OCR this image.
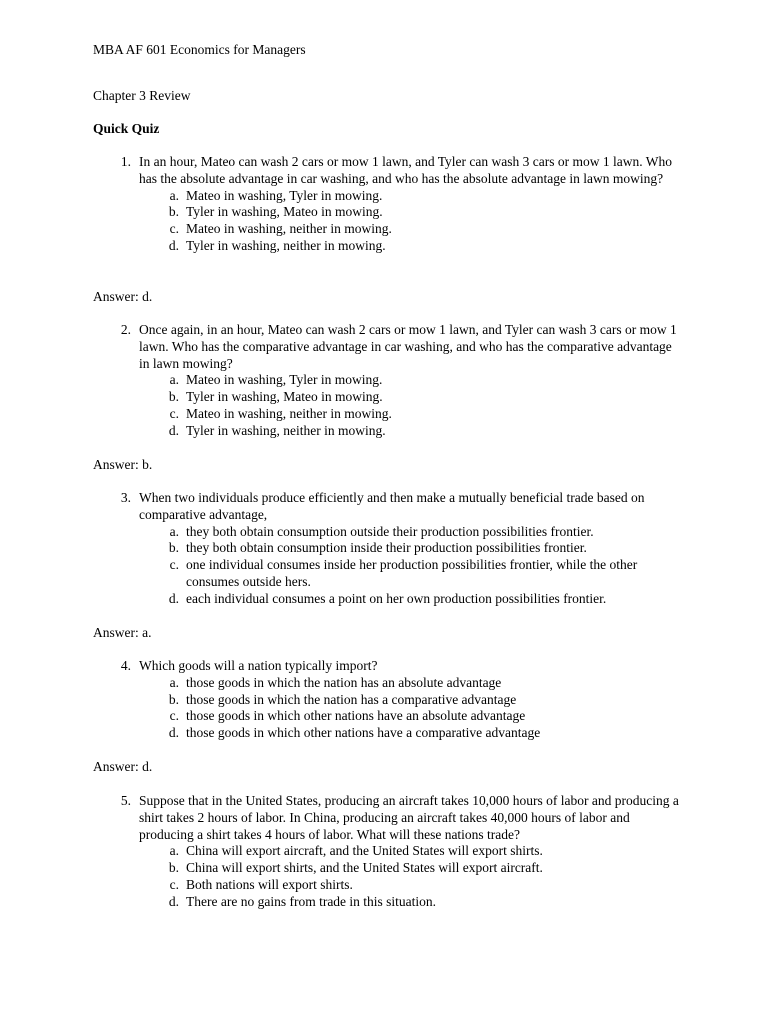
MBA AF 601 Economics for Managers
Chapter 3 Review
Quick Quiz
1. In an hour, Mateo can wash 2 cars or mow 1 lawn, and Tyler can wash 3 cars or mow 1 lawn. Who has the absolute advantage in car washing, and who has the absolute advantage in lawn mowing?
a. Mateo in washing, Tyler in mowing.
b. Tyler in washing, Mateo in mowing.
c. Mateo in washing, neither in mowing.
d. Tyler in washing, neither in mowing.
Answer: d.
2. Once again, in an hour, Mateo can wash 2 cars or mow 1 lawn, and Tyler can wash 3 cars or mow 1 lawn. Who has the comparative advantage in car washing, and who has the comparative advantage in lawn mowing?
a. Mateo in washing, Tyler in mowing.
b. Tyler in washing, Mateo in mowing.
c. Mateo in washing, neither in mowing.
d. Tyler in washing, neither in mowing.
Answer: b.
3. When two individuals produce efficiently and then make a mutually beneficial trade based on comparative advantage,
a. they both obtain consumption outside their production possibilities frontier.
b. they both obtain consumption inside their production possibilities frontier.
c. one individual consumes inside her production possibilities frontier, while the other consumes outside hers.
d. each individual consumes a point on her own production possibilities frontier.
Answer: a.
4. Which goods will a nation typically import?
a. those goods in which the nation has an absolute advantage
b. those goods in which the nation has a comparative advantage
c. those goods in which other nations have an absolute advantage
d. those goods in which other nations have a comparative advantage
Answer: d.
5. Suppose that in the United States, producing an aircraft takes 10,000 hours of labor and producing a shirt takes 2 hours of labor. In China, producing an aircraft takes 40,000 hours of labor and producing a shirt takes 4 hours of labor. What will these nations trade?
a. China will export aircraft, and the United States will export shirts.
b. China will export shirts, and the United States will export aircraft.
c. Both nations will export shirts.
d. There are no gains from trade in this situation.
